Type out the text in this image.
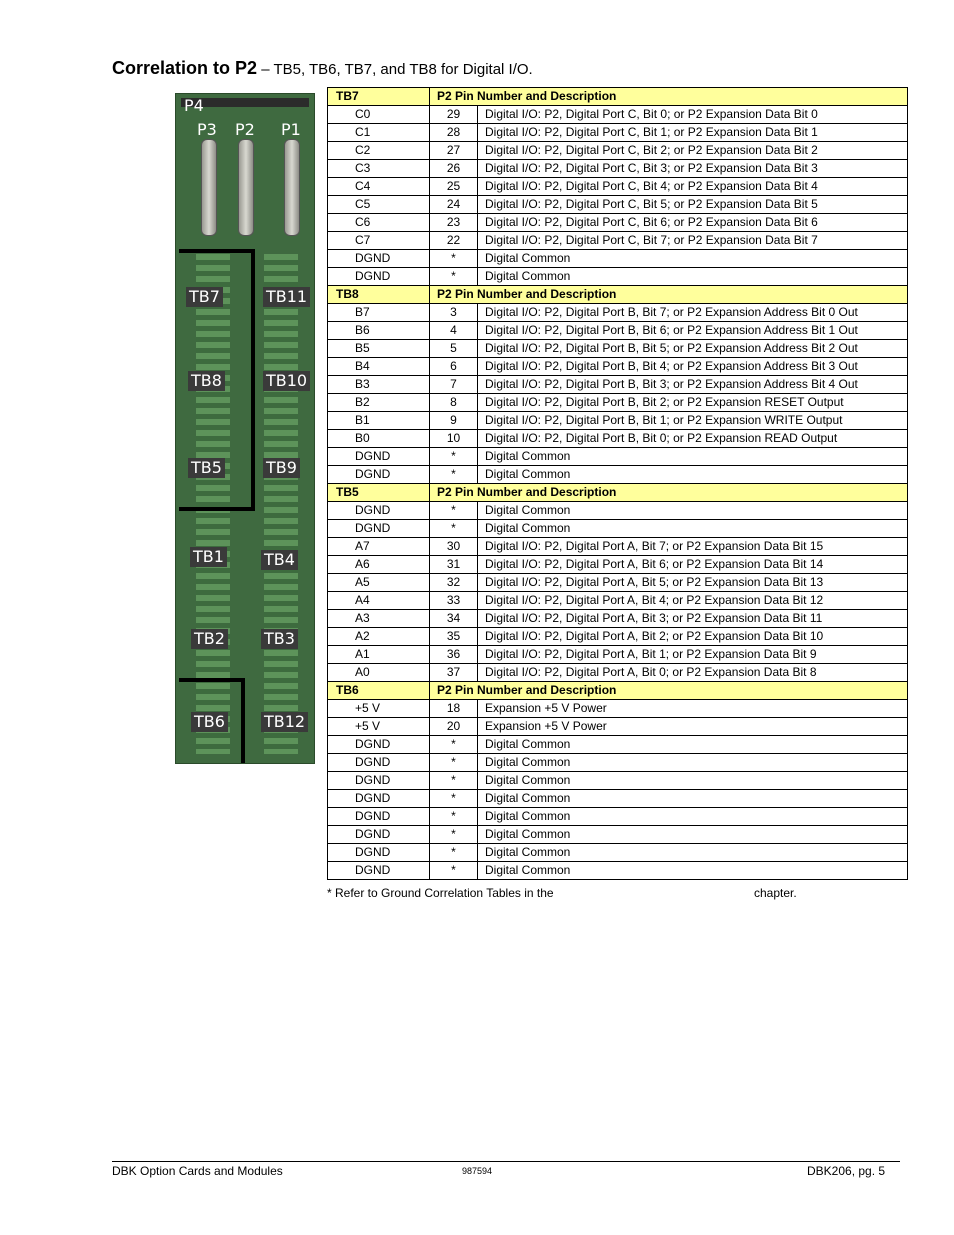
Correlation to P2 – TB5, TB6, TB7, and TB8 for Digital I/O.
P4
P3 P2 P1
TB7
TB8
TB5
TB1
TB2
TB6
TB11
TB10
TB9
TB4
TB3
TB12
TB7	P2 Pin Number and Description	
C0	29	Digital I/O: P2, Digital Port C, Bit 0; or P2 Expansion Data Bit 0
C1	28	Digital I/O: P2, Digital Port C, Bit 1; or P2 Expansion Data Bit 1
C2	27	Digital I/O: P2, Digital Port C, Bit 2; or P2 Expansion Data Bit 2
C3	26	Digital I/O: P2, Digital Port C, Bit 3; or P2 Expansion Data Bit 3
C4	25	Digital I/O: P2, Digital Port C, Bit 4; or P2 Expansion Data Bit 4
C5	24	Digital I/O: P2, Digital Port C, Bit 5; or P2 Expansion Data Bit 5
C6	23	Digital I/O: P2, Digital Port C, Bit 6; or P2 Expansion Data Bit 6
C7	22	Digital I/O: P2, Digital Port C, Bit 7; or P2 Expansion Data Bit 7
DGND	*	Digital Common
DGND	*	Digital Common
TB8	P2 Pin Number and Description	
B7	3	Digital I/O: P2, Digital Port B, Bit 7; or P2 Expansion Address Bit 0 Out
B6	4	Digital I/O: P2, Digital Port B, Bit 6; or P2 Expansion Address Bit 1 Out
B5	5	Digital I/O: P2, Digital Port B, Bit 5; or P2 Expansion Address Bit 2 Out
B4	6	Digital I/O: P2, Digital Port B, Bit 4; or P2 Expansion Address Bit 3 Out
B3	7	Digital I/O: P2, Digital Port B, Bit 3; or P2 Expansion Address Bit 4 Out
B2	8	Digital I/O: P2, Digital Port B, Bit 2; or P2 Expansion RESET Output
B1	9	Digital I/O: P2, Digital Port B, Bit 1; or P2 Expansion WRITE Output
B0	10	Digital I/O: P2, Digital Port B, Bit 0; or P2 Expansion READ Output
DGND	*	Digital Common
DGND	*	Digital Common
TB5	P2 Pin Number and Description	
DGND	*	Digital Common
DGND	*	Digital Common
A7	30	Digital I/O: P2, Digital Port A, Bit 7; or P2 Expansion Data Bit 15
A6	31	Digital I/O: P2, Digital Port A, Bit 6; or P2 Expansion Data Bit 14
A5	32	Digital I/O: P2, Digital Port A, Bit 5; or P2 Expansion Data Bit 13
A4	33	Digital I/O: P2, Digital Port A, Bit 4; or P2 Expansion Data Bit 12
A3	34	Digital I/O: P2, Digital Port A, Bit 3; or P2 Expansion Data Bit 11
A2	35	Digital I/O: P2, Digital Port A, Bit 2; or P2 Expansion Data Bit 10
A1	36	Digital I/O: P2, Digital Port A, Bit 1; or P2 Expansion Data Bit 9
A0	37	Digital I/O: P2, Digital Port A, Bit 0; or P2 Expansion Data Bit 8
TB6	P2 Pin Number and Description	
+5 V	18	Expansion +5 V Power
+5 V	20	Expansion +5 V Power
DGND	*	Digital Common
DGND	*	Digital Common
DGND	*	Digital Common
DGND	*	Digital Common
DGND	*	Digital Common
DGND	*	Digital Common
DGND	*	Digital Common
DGND	*	Digital Common
* Refer to Ground Correlation Tables in the	chapter.
DBK Option Cards and Modules	987594	DBK206, pg. 5
